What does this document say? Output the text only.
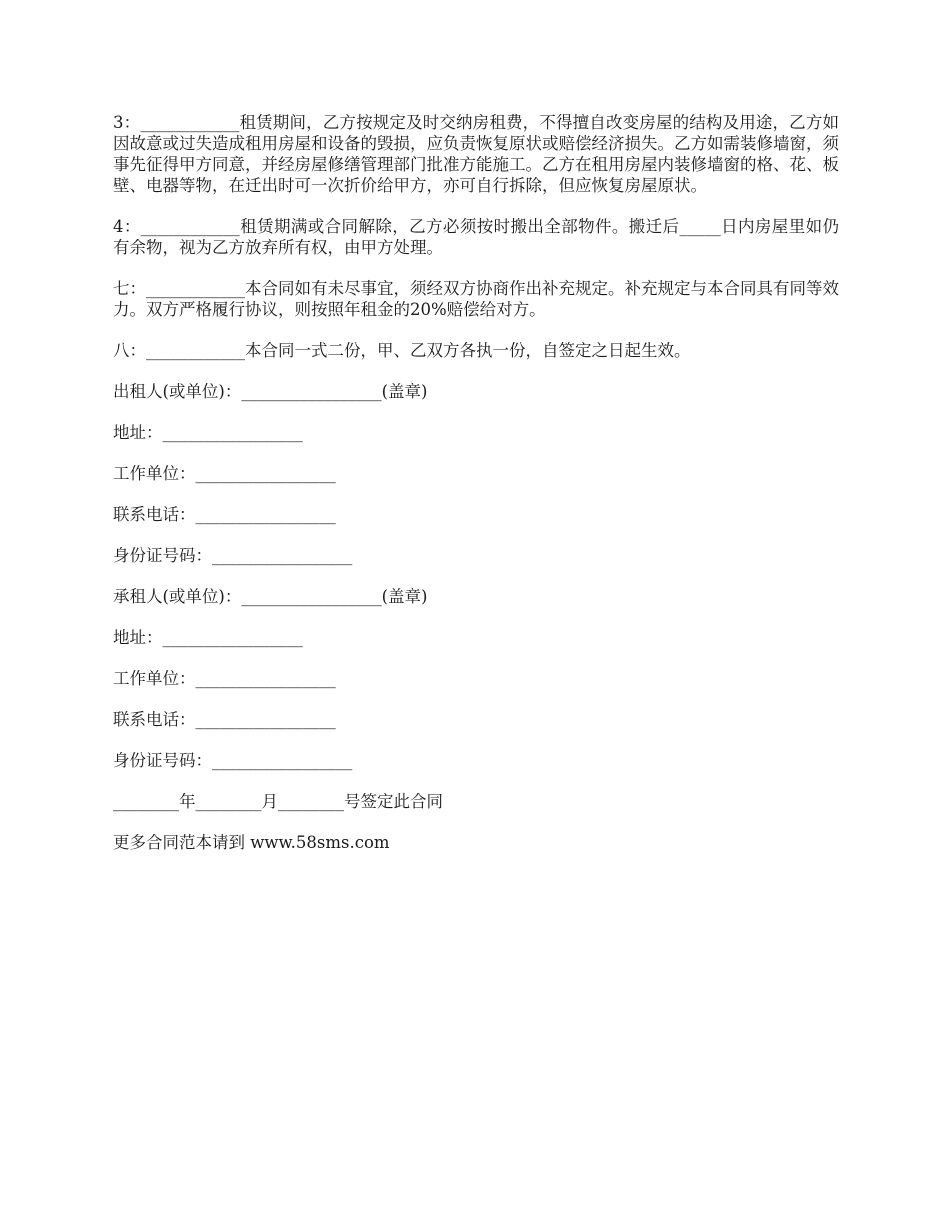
3：____________租赁期间，乙方按规定及时交纳房租费，不得擅自改变房屋的结构及用途，乙方如因故意或过失造成租用房屋和设备的毁损，应负责恢复原状或赔偿经济损失。乙方如需装修墙窗，须事先征得甲方同意，并经房屋修缮管理部门批准方能施工。乙方在租用房屋内装修墙窗的格、花、板壁、电器等物，在迁出时可一次折价给甲方，亦可自行拆除，但应恢复房屋原状。

4：____________租赁期满或合同解除，乙方必须按时搬出全部物件。搬迁后_____日内房屋里如仍有余物，视为乙方放弃所有权，由甲方处理。

七：____________本合同如有未尽事宜，须经双方协商作出补充规定。补充规定与本合同具有同等效力。双方严格履行协议，则按照年租金的20%赔偿给对方。

八：____________本合同一式二份，甲、乙双方各执一份，自签定之日起生效。

出租人(或单位)：_________________(盖章)

地址：_________________

工作单位：_________________

联系电话：_________________

身份证号码：_________________

承租人(或单位)：_________________(盖章)

地址：_________________

工作单位：_________________

联系电话：_________________

身份证号码：_________________

________年________月________号签定此合同

更多合同范本请到 www.58sms.com
